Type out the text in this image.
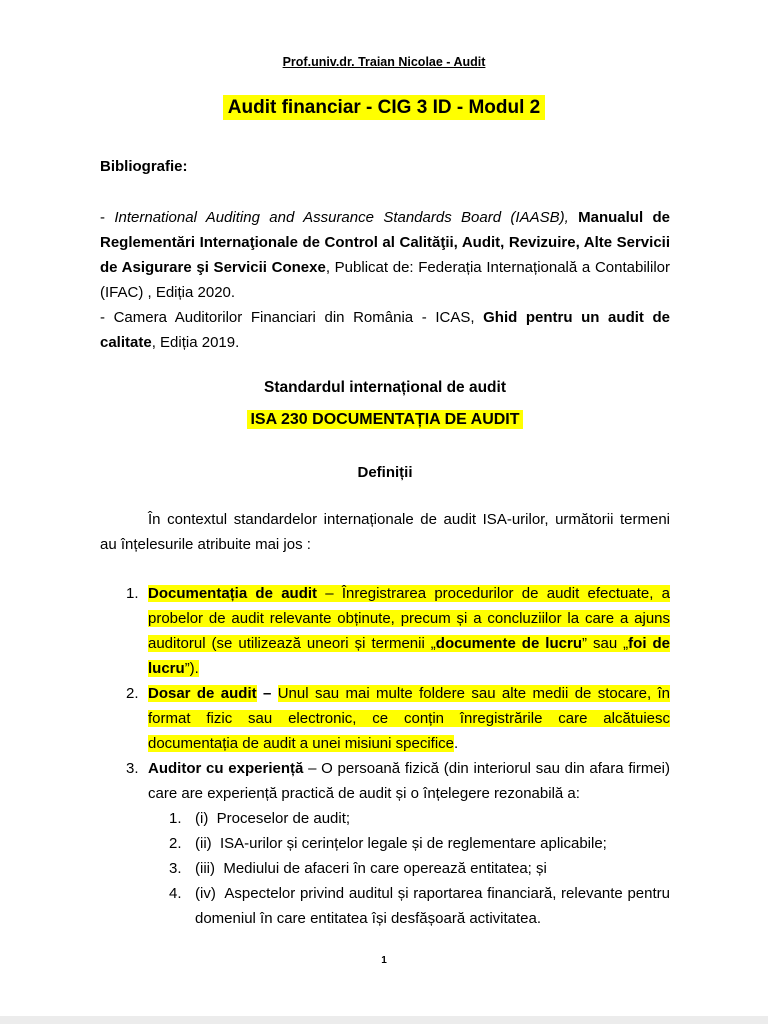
Prof.univ.dr. Traian Nicolae - Audit
Audit financiar - CIG 3 ID - Modul 2

Bibliografie:

- International Auditing and Assurance Standards Board (IAASB), Manualul de Reglementări Internaţionale de Control al Calităţii, Audit, Revizuire, Alte Servicii de Asigurare şi Servicii Conexe, Publicat de: Federația Internațională a Contabililor (IFAC) , Ediția 2020.

- Camera Auditorilor Financiari din România - ICAS, Ghid pentru un audit de calitate, Ediția 2019.

Standardul internațional de audit

ISA 230 DOCUMENTAȚIA DE AUDIT

Definiții

În contextul standardelor internaționale de audit ISA-urilor, următorii termeni au înțelesurile atribuite mai jos :

1. Documentația de audit – Înregistrarea procedurilor de audit efectuate, a probelor de audit relevante obținute, precum și a concluziilor la care a ajuns auditorul (se utilizează uneori și termenii „documente de lucru” sau „foi de lucru”).
2. Dosar de audit – Unul sau mai multe foldere sau alte medii de stocare, în format fizic sau electronic, ce conțin înregistrările care alcătuiesc documentația de audit a unei misiuni specifice.
3. Auditor cu experiență – O persoană fizică (din interiorul sau din afara firmei) care are experiență practică de audit și o înțelegere rezonabilă a:
1. (i)  Proceselor de audit;
2. (ii)  ISA-urilor și cerințelor legale și de reglementare aplicabile;
3. (iii)  Mediului de afaceri în care operează entitatea; și
4. (iv)  Aspectelor privind auditul și raportarea financiară, relevante pentru domeniul în care entitatea își desfășoară activitatea.
1
